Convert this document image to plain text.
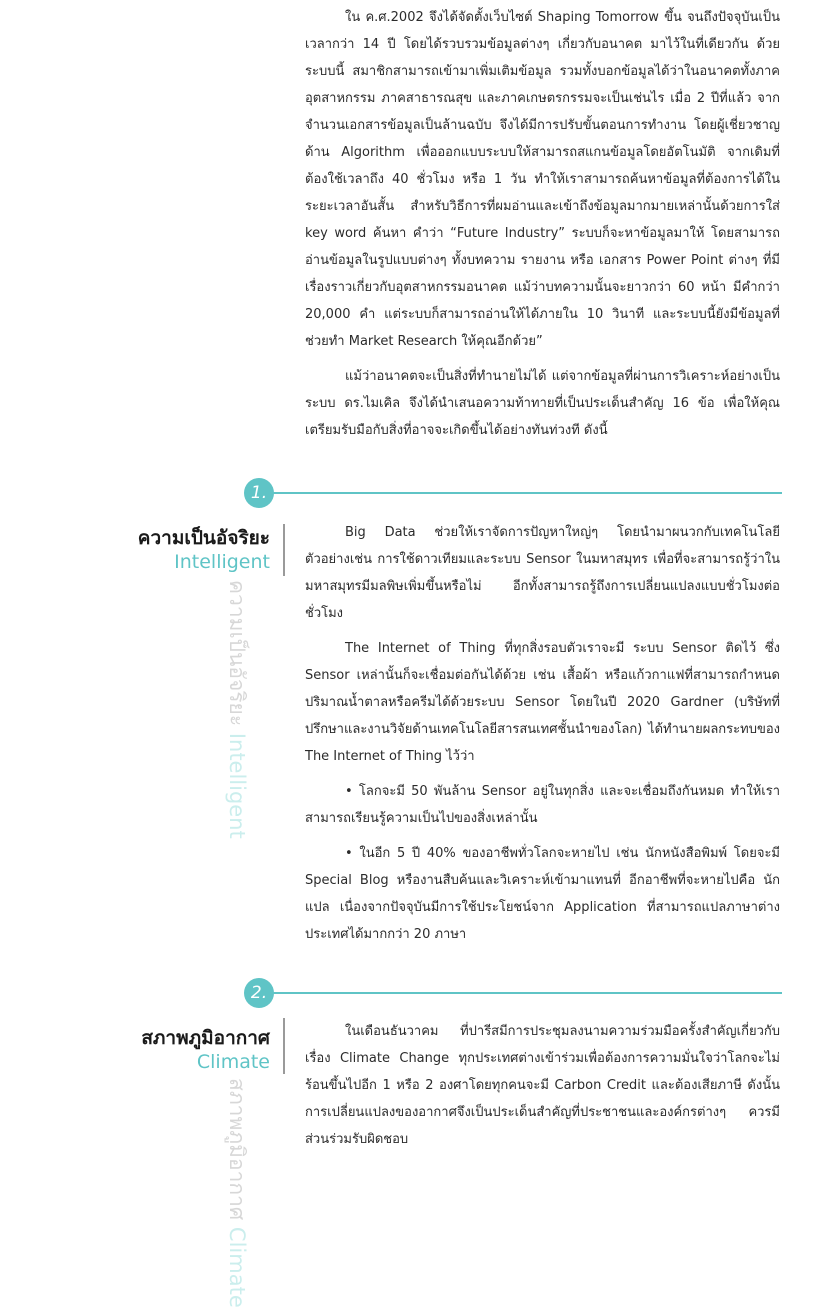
ใน ค.ศ.2002 จึงได้จัดตั้งเว็บไซต์ Shaping Tomorrow ขึ้น จนถึงปัจจุบันเป็นเวลากว่า 14 ปี โดยได้รวบรวมข้อมูลต่างๆ เกี่ยวกับอนาคต มาไว้ในที่เดียวกัน ด้วยระบบนี้ สมาชิกสามารถเข้ามาเพิ่มเติมข้อมูล รวมทั้งบอกข้อมูลได้ว่าในอนาคตทั้งภาคอุตสาหกรรม ภาคสาธารณสุข และภาคเกษตรกรรมจะเป็นเช่นไร เมื่อ 2 ปีที่แล้ว จากจำนวนเอกสารข้อมูลเป็นล้านฉบับ จึงได้มีการปรับขั้นตอนการทำงาน โดยผู้เชี่ยวชาญด้าน Algorithm เพื่อออกแบบระบบให้สามารถสแกนข้อมูลโดยอัตโนมัติ จากเดิมที่ต้องใช้เวลาถึง 40 ชั่วโมง หรือ 1 วัน ทำให้เราสามารถค้นหาข้อมูลที่ต้องการได้ในระยะเวลาอันสั้น สำหรับวิธีการที่ผมอ่านและเข้าถึงข้อมูลมากมายเหล่านั้นด้วยการใส่ key word ค้นหา คำว่า “Future Industry” ระบบก็จะหาข้อมูลมาให้ โดยสามารถอ่านข้อมูลในรูปแบบต่างๆ ทั้งบทความ รายงาน หรือ เอกสาร Power Point ต่างๆ ที่มีเรื่องราวเกี่ยวกับอุตสาหกรรมอนาคต แม้ว่าบทความนั้นจะยาวกว่า 60 หน้า มีคำกว่า 20,000 คำ แต่ระบบก็สามารถอ่านให้ได้ภายใน 10 วินาที และระบบนี้ยังมีข้อมูลที่ช่วยทำ Market Research ให้คุณอีกด้วย”

แม้ว่าอนาคตจะเป็นสิ่งที่ทำนายไม่ได้ แต่จากข้อมูลที่ผ่านการวิเคราะห์อย่างเป็นระบบ ดร.ไมเคิล จึงได้นำเสนอความท้าทายที่เป็นประเด็นสำคัญ 16 ข้อ เพื่อให้คุณเตรียมรับมือกับสิ่งที่อาจจะเกิดขึ้นได้อย่างทันท่วงที ดังนี้

1.
ความเป็นอัจริยะ
Intelligent
ความเป็นอัจริยะ Intelligent

Big Data ช่วยให้เราจัดการปัญหาใหญ่ๆ โดยนำมาผนวกกับเทคโนโลยี ตัวอย่างเช่น การใช้ดาวเทียมและระบบ Sensor ในมหาสมุทร เพื่อที่จะสามารถรู้ว่าในมหาสมุทรมีมลพิษเพิ่มขึ้นหรือไม่ อีกทั้งสามารถรู้ถึงการเปลี่ยนแปลงแบบชั่วโมงต่อชั่วโมง

The Internet of Thing ที่ทุกสิ่งรอบตัวเราจะมี ระบบ Sensor ติดไว้ ซึ่ง Sensor เหล่านั้นก็จะเชื่อมต่อกันได้ด้วย เช่น เสื้อผ้า หรือแก้วกาแฟที่สามารถกำหนดปริมาณน้ำตาลหรือครีมได้ด้วยระบบ Sensor โดยในปี 2020 Gardner (บริษัทที่ปรึกษาและงานวิจัยด้านเทคโนโลยีสารสนเทศชั้นนำของโลก) ได้ทำนายผลกระทบของ The Internet of Thing ไว้ว่า

• โลกจะมี 50 พันล้าน Sensor อยู่ในทุกสิ่ง และจะเชื่อมถึงกันหมด ทำให้เราสามารถเรียนรู้ความเป็นไปของสิ่งเหล่านั้น

• ในอีก 5 ปี 40% ของอาชีพทั่วโลกจะหายไป เช่น นักหนังสือพิมพ์ โดยจะมี Special Blog หรืองานสืบค้นและวิเคราะห์เข้ามาแทนที่ อีกอาชีพที่จะหายไปคือ นักแปล เนื่องจากปัจจุบันมีการใช้ประโยชน์จาก Application ที่สามารถแปลภาษาต่างประเทศได้มากกว่า 20 ภาษา

2.
สภาพภูมิอากาศ
Climate
สภาพภูมิอากาศ Climate

ในเดือนธันวาคม ที่ปารีสมีการประชุมลงนามความร่วมมือครั้งสำคัญเกี่ยวกับเรื่อง Climate Change ทุกประเทศต่างเข้าร่วมเพื่อต้องการความมั่นใจว่าโลกจะไม่ร้อนขึ้นไปอีก 1 หรือ 2 องศาโดยทุกคนจะมี Carbon Credit และต้องเสียภาษี ดังนั้น การเปลี่ยนแปลงของอากาศจึงเป็นประเด็นสำคัญที่ประชาชนและองค์กรต่างๆ ควรมีส่วนร่วมรับผิดชอบ
